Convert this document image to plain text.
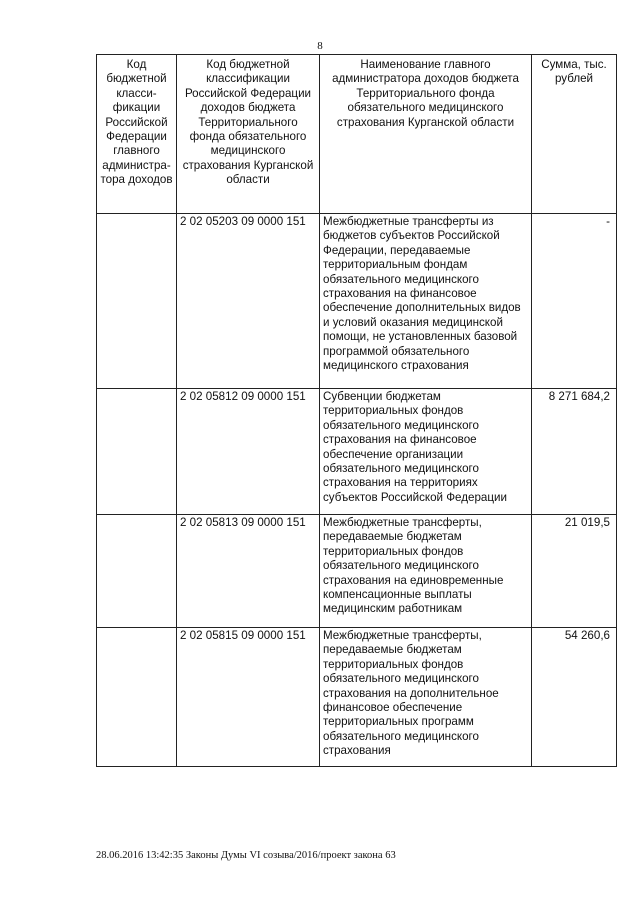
8
Код бюджетной класси-фикации Российской Федерации главного администра-тора доходов	Код бюджетной классификации Российской Федерации доходов бюджета Территориального фонда обязательного медицинского страхования Курганской области	Наименование главного администратора доходов бюджета Территориального фонда обязательного медицинского страхования Курганской области	Сумма, тыс. рублей
	2 02 05203 09 0000 151	Межбюджетные трансферты из бюджетов субъектов Российской Федерации, передаваемые территориальным фондам обязательного медицинского страхования на финансовое обеспечение дополнительных видов и условий оказания медицинской помощи, не установленных базовой программой обязательного медицинского страхования	-
	2 02 05812 09 0000 151	Субвенции бюджетам территориальных фондов обязательного медицинского страхования на финансовое обеспечение организации обязательного медицинского страхования на территориях субъектов Российской Федерации	8 271 684,2
	2 02 05813 09 0000 151	Межбюджетные трансферты, передаваемые бюджетам территориальных фондов обязательного медицинского страхования на единовременные компенсационные выплаты медицинским работникам	21 019,5
	2 02 05815 09 0000 151	Межбюджетные трансферты, передаваемые бюджетам территориальных фондов обязательного медицинского страхования на дополнительное финансовое обеспечение территориальных программ обязательного медицинского страхования	54 260,6
28.06.2016 13:42:35 Законы Думы VI созыва/2016/проект закона 63
